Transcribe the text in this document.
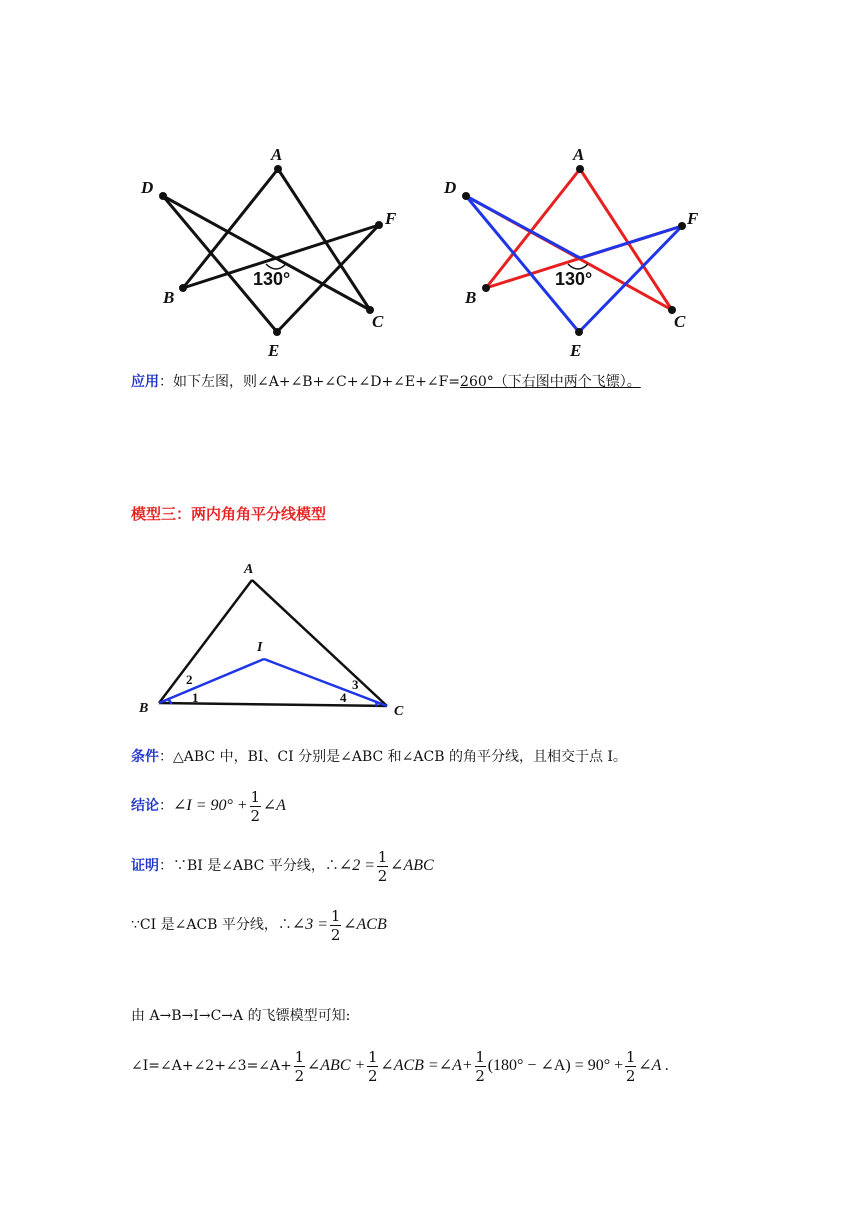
A
D
F
B
C
E
130°
A
D
F
B
C
E
130°
应用：如下左图，则∠A+∠B+∠C+∠D+∠E+∠F=260°（下右图中两个飞镖）。
模型三：两内角角平分线模型
A
I
B	C
2
1
3
4
条件：△ABC 中，BI、CI 分别是∠ABC 和∠ACB 的角平分线，且相交于点 I。
结论 ： ∠I = $90^\circ + \frac{1}{2}$ ∠A
证明 ：∵BI 是∠ABC 平分线，∴ ∠2 = $\frac{1}{2}$ ∠ABC
∵CI 是∠ACB 平分线，∴ ∠3 = $\frac{1}{2}$ ∠ACB
由 A→B→I→C→A 的飞镖模型可知:
∠I=∠A+∠2+∠3=∠A+ $\frac{1}{2}$ ∠ABC + $\frac{1}{2}$ ∠ACB =∠A+ $\frac{1}{2} (180^\circ$ − ∠A) = $90^\circ + \frac{1}{2}$ ∠A .
